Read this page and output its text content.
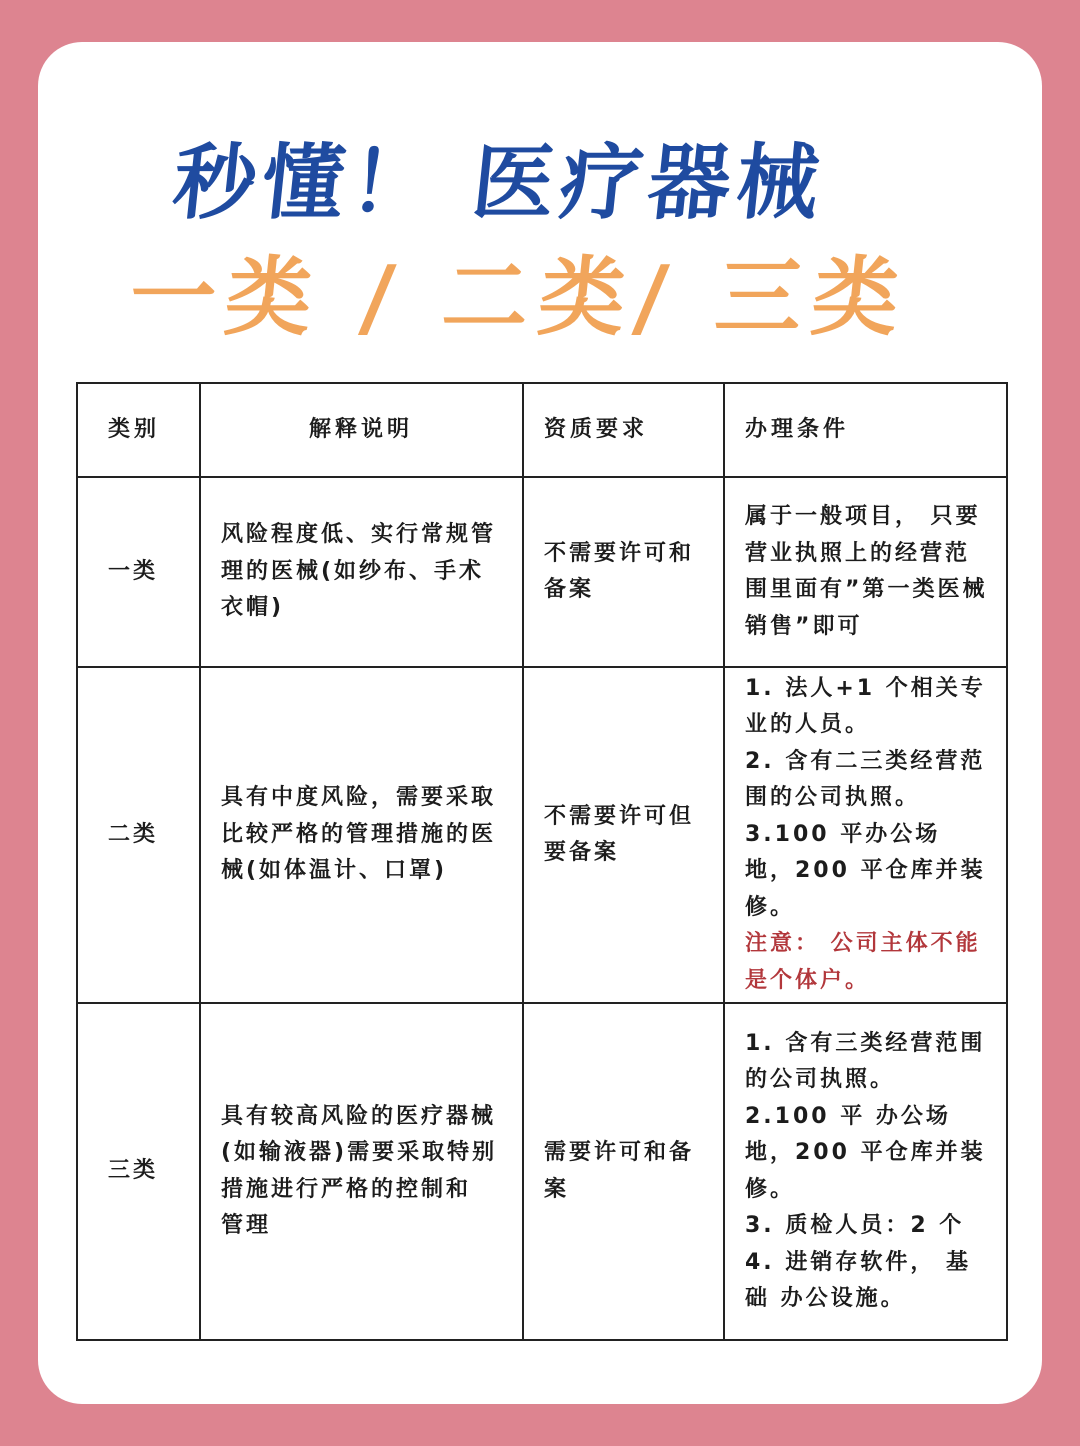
秒懂！ 医疗器械
一类 / 二类/ 三类
类别	解释说明	资质要求	办理条件
一类	风险程度低、实行常规管理的医械(如纱布、手术衣帽)	不需要许可和备案	属于一般项目， 只要营业执照上的经营范围里面有”第一类医械销售”即可

二类	具有中度风险，需要采取比较严格的管理措施的医械(如体温计、口罩)	不需要许可但要备案	1. 法人+1 个相关专业的人员。
2. 含有二三类经营范围的公司执照。
3.100 平办公场地，200 平仓库并装修。
注意： 公司主体不能是个体户。

三类	具有较高风险的医疗器械(如输液器)需要采取特别措施进行严格的控制和 管理	需要许可和备案	1. 含有三类经营范围的公司执照。
2.100 平 办公场地，200 平仓库并装修。
3. 质检人员：2 个
4. 进销存软件， 基础 办公设施。
